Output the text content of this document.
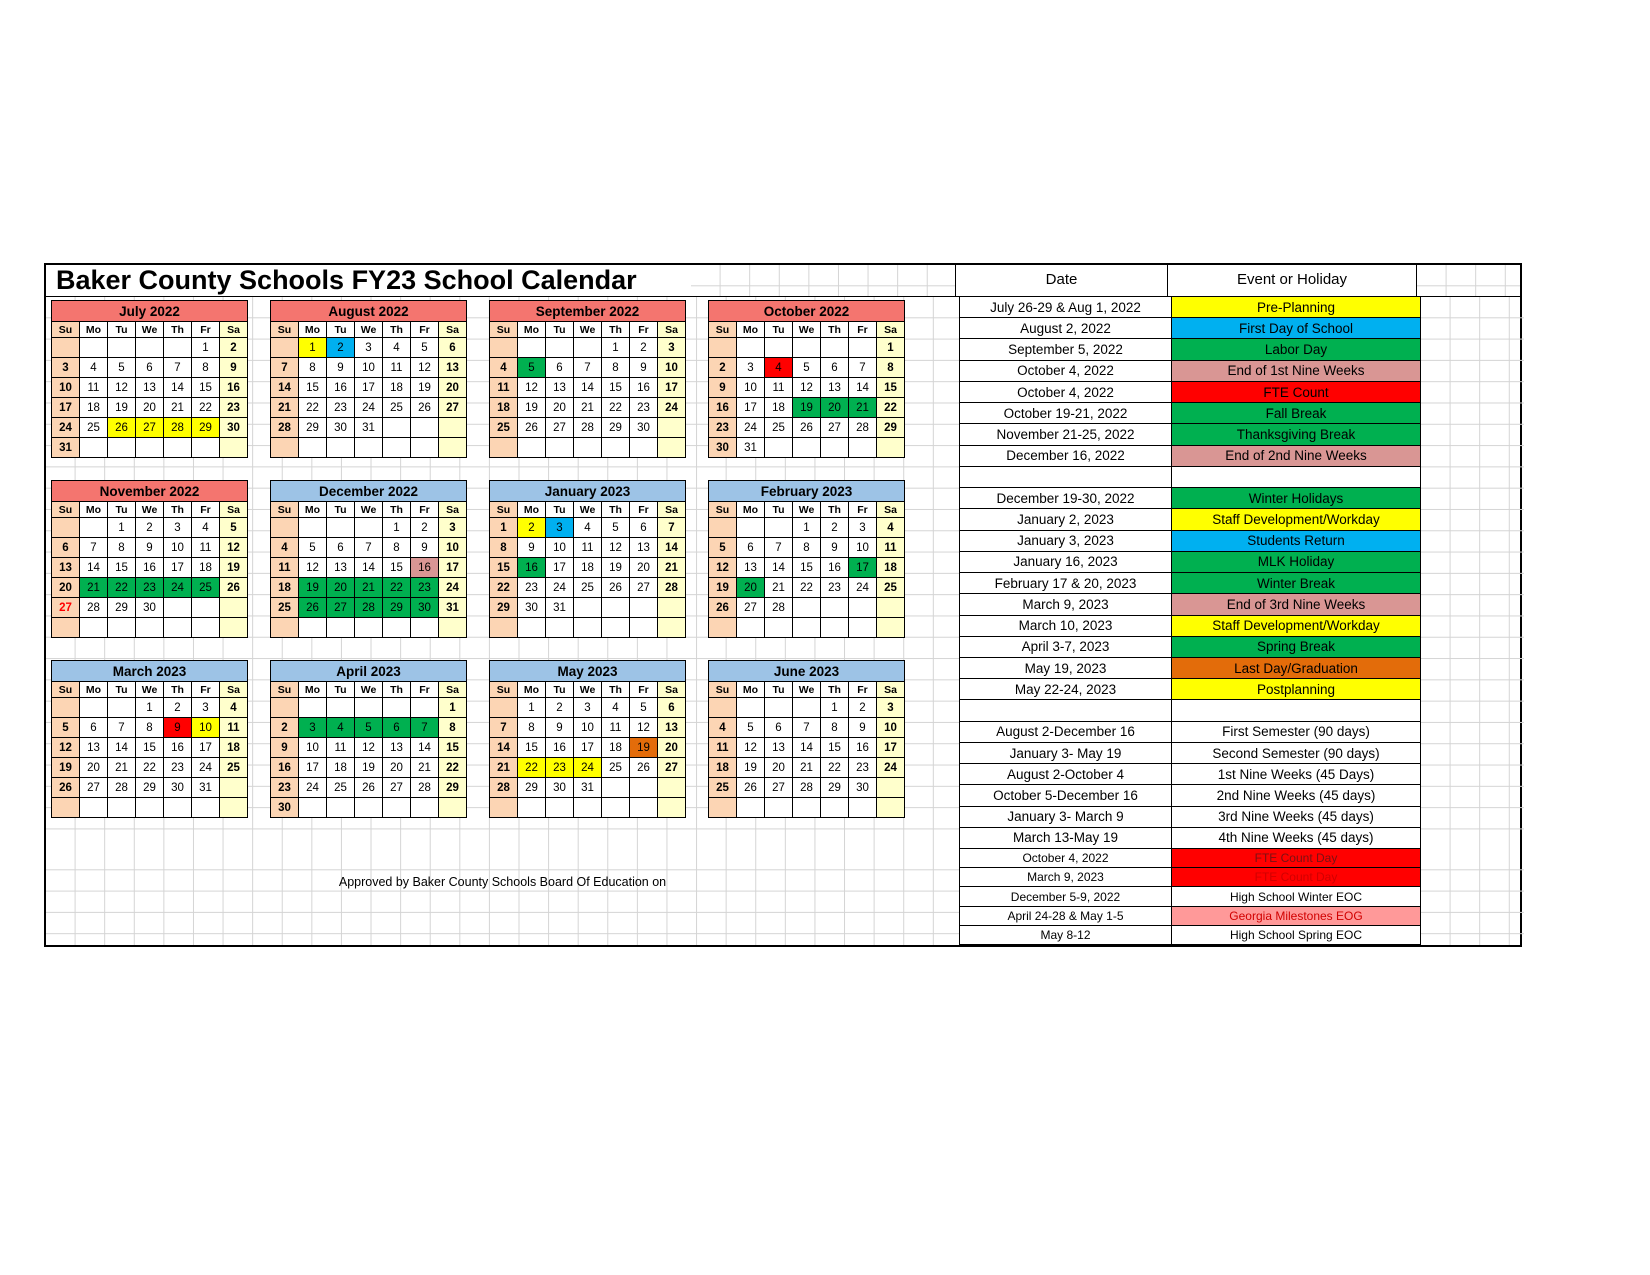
Baker County Schools FY23 School Calendar	Date	Event or Holiday
July 2022						
Su	Mo	Tu	We	Th	Fr	Sa
					1	2
3	4	5	6	7	8	9
10	11	12	13	14	15	16
17	18	19	20	21	22	23
24	25	26	27	28	29	30
31						
August 2022						
Su	Mo	Tu	We	Th	Fr	Sa
	1	2	3	4	5	6
7	8	9	10	11	12	13
14	15	16	17	18	19	20
21	22	23	24	25	26	27
28	29	30	31			

September 2022						
Su	Mo	Tu	We	Th	Fr	Sa
				1	2	3
4	5	6	7	8	9	10
11	12	13	14	15	16	17
18	19	20	21	22	23	24
25	26	27	28	29	30	

October 2022						
Su	Mo	Tu	We	Th	Fr	Sa
						1
2	3	4	5	6	7	8
9	10	11	12	13	14	15
16	17	18	19	20	21	22
23	24	25	26	27	28	29
30	31					
November 2022						
Su	Mo	Tu	We	Th	Fr	Sa
		1	2	3	4	5
6	7	8	9	10	11	12
13	14	15	16	17	18	19
20	21	22	23	24	25	26
27	28	29	30			

December 2022						
Su	Mo	Tu	We	Th	Fr	Sa
				1	2	3
4	5	6	7	8	9	10
11	12	13	14	15	16	17
18	19	20	21	22	23	24
25	26	27	28	29	30	31

January 2023						
Su	Mo	Tu	We	Th	Fr	Sa
1	2	3	4	5	6	7
8	9	10	11	12	13	14
15	16	17	18	19	20	21
22	23	24	25	26	27	28
29	30	31				

February 2023						
Su	Mo	Tu	We	Th	Fr	Sa
			1	2	3	4
5	6	7	8	9	10	11
12	13	14	15	16	17	18
19	20	21	22	23	24	25
26	27	28				

March 2023						
Su	Mo	Tu	We	Th	Fr	Sa
			1	2	3	4
5	6	7	8	9	10	11
12	13	14	15	16	17	18
19	20	21	22	23	24	25
26	27	28	29	30	31	

April 2023						
Su	Mo	Tu	We	Th	Fr	Sa
						1
2	3	4	5	6	7	8
9	10	11	12	13	14	15
16	17	18	19	20	21	22
23	24	25	26	27	28	29
30						
May 2023						
Su	Mo	Tu	We	Th	Fr	Sa
	1	2	3	4	5	6
7	8	9	10	11	12	13
14	15	16	17	18	19	20
21	22	23	24	25	26	27
28	29	30	31			

June 2023						
Su	Mo	Tu	We	Th	Fr	Sa
				1	2	3
4	5	6	7	8	9	10
11	12	13	14	15	16	17
18	19	20	21	22	23	24
25	26	27	28	29	30	

July 26-29 & Aug 1, 2022	Pre-Planning
August 2, 2022	First Day of School
September 5, 2022	Labor Day
October 4, 2022	End of 1st Nine Weeks
October 4, 2022	FTE Count
October 19-21, 2022	Fall Break
November 21-25, 2022	Thanksgiving Break
December 16, 2022	End of 2nd Nine Weeks
December 19-30, 2022	Winter Holidays
January 2, 2023	Staff Development/Workday
January 3, 2023	Students Return
January 16, 2023	MLK Holiday
February 17 & 20, 2023	Winter Break
March 9, 2023	End of 3rd Nine Weeks
March 10, 2023	Staff Development/Workday
April 3-7, 2023	Spring Break
May 19, 2023	Last Day/Graduation
May 22-24, 2023	Postplanning
August 2-December 16	First Semester (90 days)
January 3- May 19	Second Semester (90 days)
August 2-October 4	1st Nine Weeks (45 Days)
October 5-December 16	2nd Nine Weeks (45 days)
January 3- March 9	3rd Nine Weeks (45 days)
March 13-May 19	4th Nine Weeks (45 days)
Approved by Baker County Schools Board Of Education on
October 4, 2022	FTE Count Day
March 9, 2023	FTE Count Day
December 5-9, 2022	High School Winter EOC
April 24-28 & May 1-5	Georgia Milestones EOG
May 8-12	High School Spring EOC
